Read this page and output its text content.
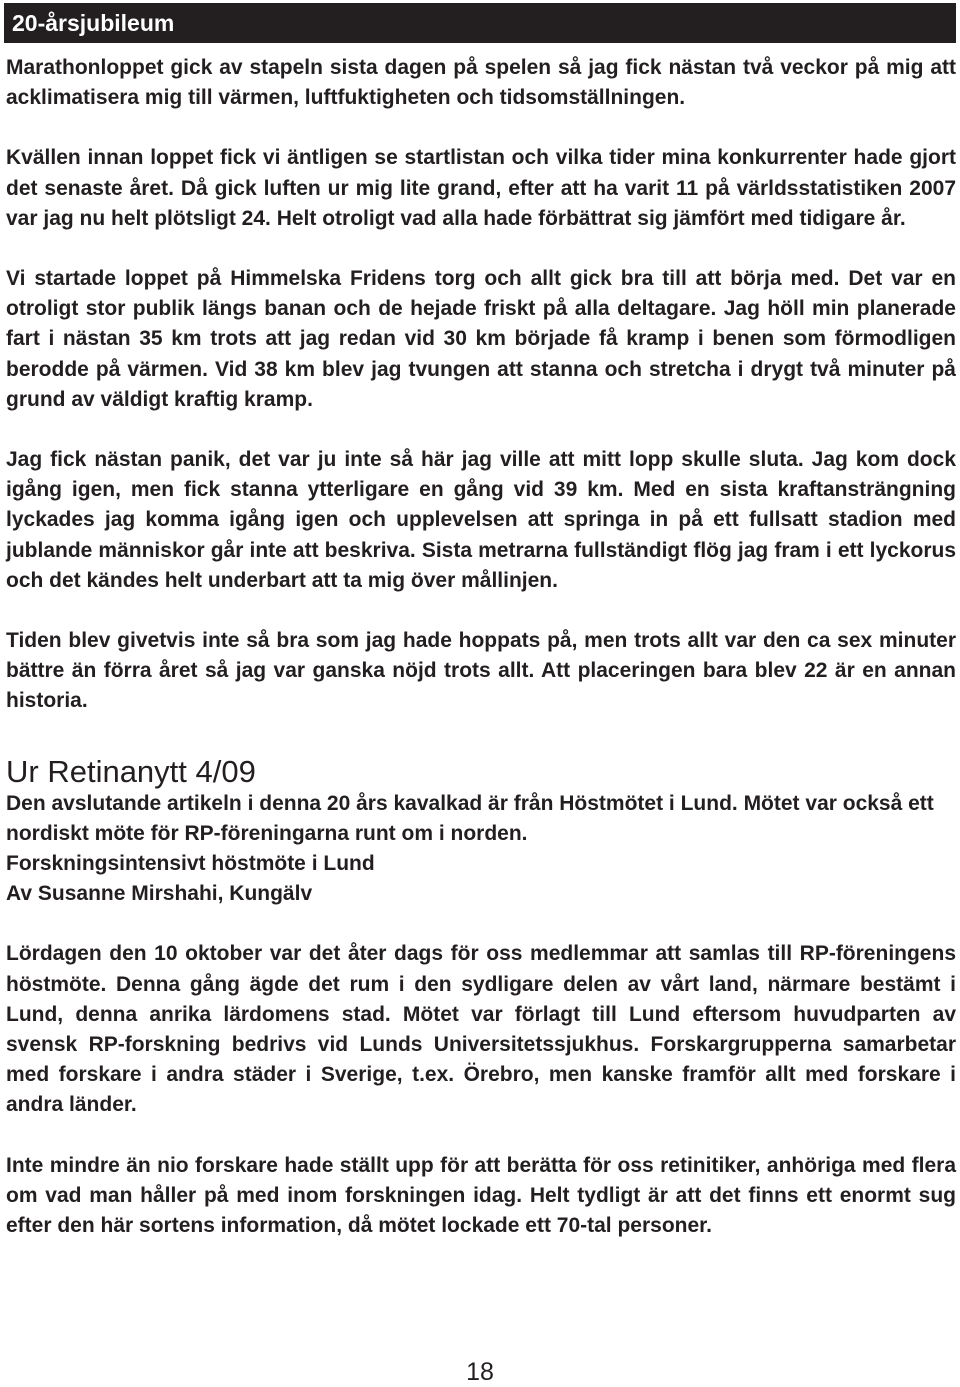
20-årsjubileum

Marathonloppet gick av stapeln sista dagen på spelen så jag fick nästan två veckor på mig att acklimatisera mig till värmen, luftfuktigheten och tidsomställningen.

Kvällen innan loppet fick vi äntligen se startlistan och vilka tider mina konkurrenter hade gjort det senaste året. Då gick luften ur mig lite grand, efter att ha varit 11 på världsstatistiken 2007 var jag nu helt plötsligt 24. Helt otroligt vad alla hade förbättrat sig jämfört med tidigare år.

Vi startade loppet på Himmelska Fridens torg och allt gick bra till att börja med. Det var en otroligt stor publik längs banan och de hejade friskt på alla deltagare. Jag höll min planerade fart i nästan 35 km trots att jag redan vid 30 km började få kramp i benen som förmodligen berodde på värmen. Vid 38 km blev jag tvungen att stanna och stretcha i drygt två minuter på grund av väldigt kraftig kramp.

Jag fick nästan panik, det var ju inte så här jag ville att mitt lopp skulle sluta. Jag kom dock igång igen, men fick stanna ytterligare en gång vid 39 km. Med en sista kraftansträngning lyckades jag komma igång igen och upplevelsen att springa in på ett fullsatt stadion med jublande människor går inte att beskriva. Sista metrarna fullständigt flög jag fram i ett lyckorus och det kändes helt underbart att ta mig över mållinjen.

Tiden blev givetvis inte så bra som jag hade hoppats på, men trots allt var den ca sex minuter bättre än förra året så jag var ganska nöjd trots allt. Att placeringen bara blev 22 är en annan historia.

Ur Retinanytt 4/09

Den avslutande artikeln i denna 20 års kavalkad är från Höstmötet i Lund. Mötet var också ett nordiskt möte för RP-föreningarna runt om i norden.

Forskningsintensivt höstmöte i Lund

Av Susanne Mirshahi, Kungälv

Lördagen den 10 oktober var det åter dags för oss medlemmar att samlas till RP-föreningens höstmöte. Denna gång ägde det rum i den sydligare delen av vårt land, närmare bestämt i Lund, denna anrika lärdomens stad. Mötet var förlagt till Lund eftersom huvudparten av svensk RP-forskning bedrivs vid Lunds Universitetssjukhus. Forskargrupperna samarbetar med forskare i andra städer i Sverige, t.ex. Örebro, men kanske framför allt med forskare i andra länder.

Inte mindre än nio forskare hade ställt upp för att berätta för oss retinitiker, anhöriga med flera om vad man håller på med inom forskningen idag. Helt tydligt är att det finns ett enormt sug efter den här sortens information, då mötet lockade ett 70-tal personer.

18
